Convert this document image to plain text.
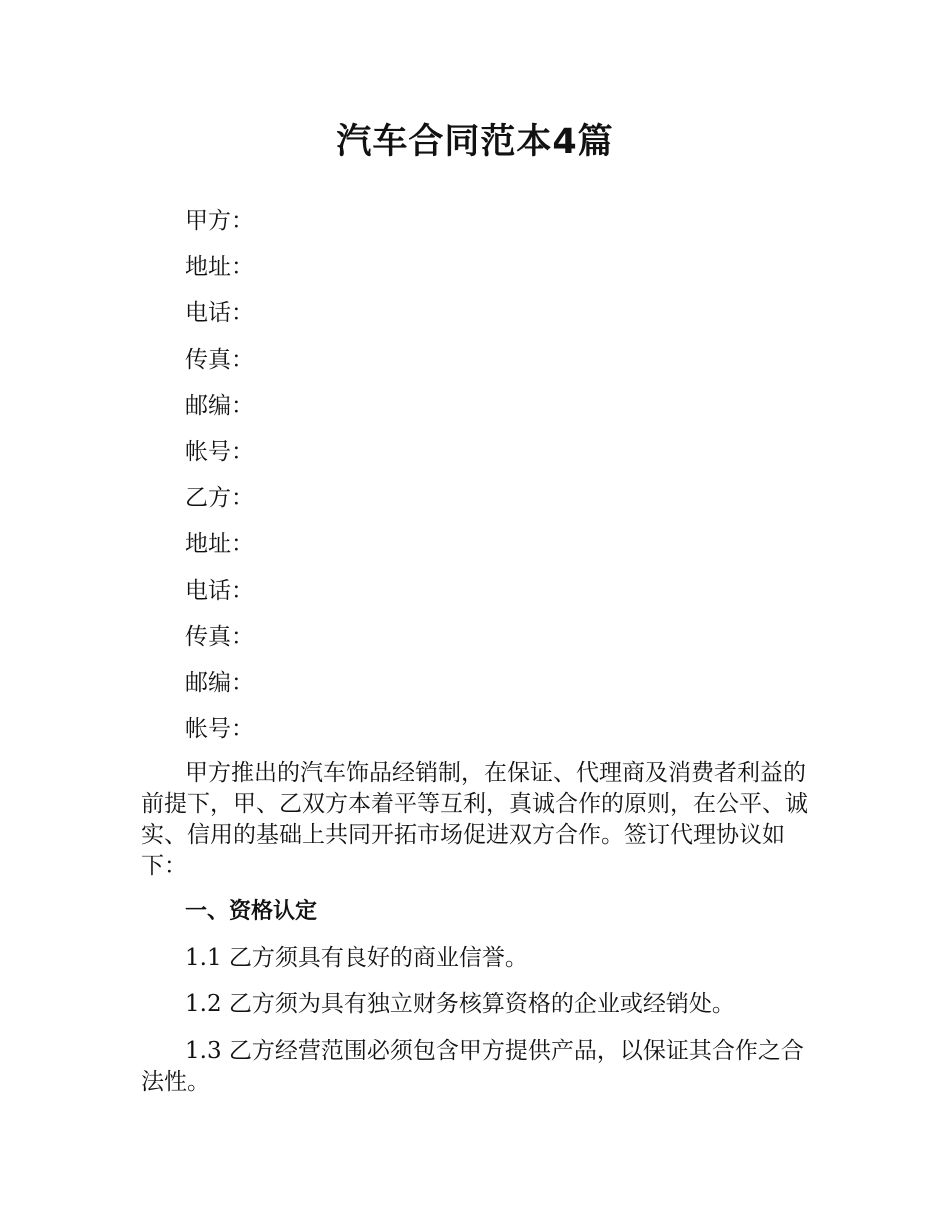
汽车合同范本4篇
甲方：
地址：
电话：
传真：
邮编：
帐号：
乙方：
地址：
电话：
传真：
邮编：
帐号：

甲方推出的汽车饰品经销制，在保证、代理商及消费者利益的前提下，甲、乙双方本着平等互利，真诚合作的原则，在公平、诚实、信用的基础上共同开拓市场促进双方合作。签订代理协议如下：

一、资格认定

1.1 乙方须具有良好的商业信誉。

1.2 乙方须为具有独立财务核算资格的企业或经销处。

1.3 乙方经营范围必须包含甲方提供产品，以保证其合作之合法性。
